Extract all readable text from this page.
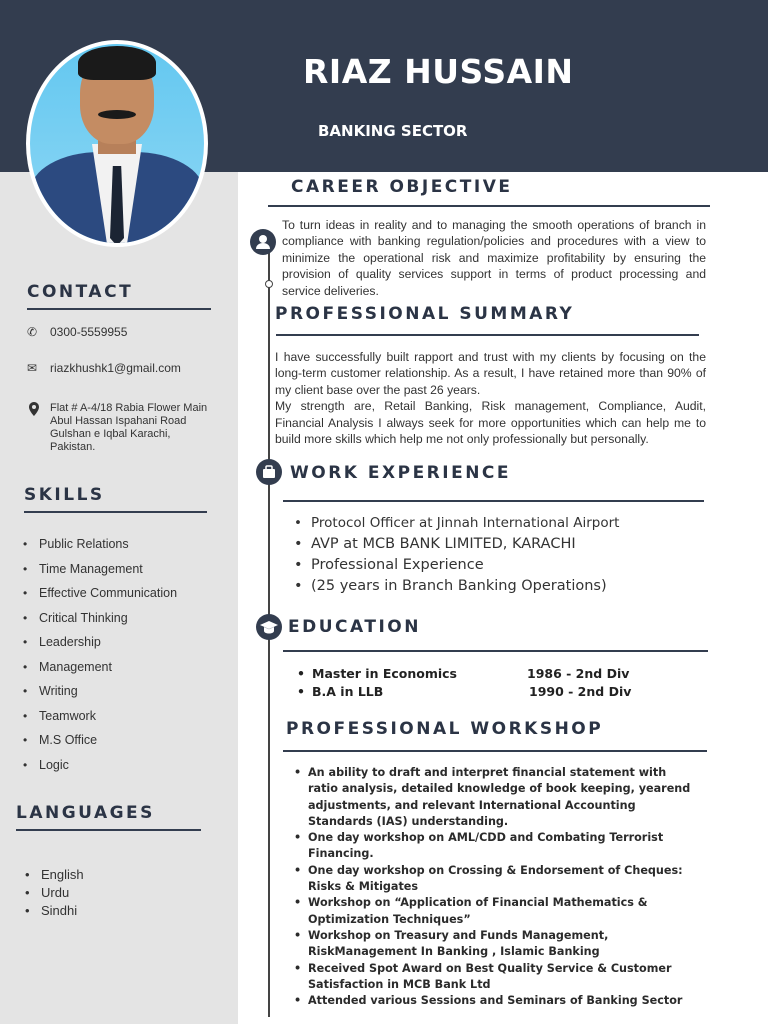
RIAZ HUSSAIN
BANKING SECTOR
CONTACT
✆ 0300-5559955
✉ riazkhushk1@gmail.com
Flat # A-4/18 Rabia Flower Main Abul Hassan Ispahani Road Gulshan e Iqbal Karachi, Pakistan.
SKILLS
• Public Relations
• Time Management
• Effective Communication
• Critical Thinking
• Leadership
• Management
• Writing
• Teamwork
• M.S Office
• Logic
LANGUAGES
• English
• Urdu
• Sindhi
CAREER OBJECTIVE
To turn ideas in reality and to managing the smooth operations of branch in compliance with banking regulation/policies and procedures with a view to minimize the operational risk and maximize profitability by ensuring the provision of quality services support in terms of product processing and service deliveries.
PROFESSIONAL SUMMARY
I have successfully built rapport and trust with my clients by focusing on the long-term customer relationship. As a result, I have retained more than 90% of my client base over the past 26 years.
My strength are, Retail Banking, Risk management, Compliance, Audit, Financial Analysis I always seek for more opportunities which can help me to build more skills which help me not only professionally but personally.
WORK EXPERIENCE
• Protocol Officer at Jinnah International Airport
• AVP at MCB BANK LIMITED, KARACHI
• Professional Experience
• (25 years in Branch Banking Operations)
EDUCATION
• Master in Economics	1986 - 2nd Div
• B.A in LLB	1990 - 2nd Div
PROFESSIONAL WORKSHOP
• An ability to draft and interpret financial statement with ratio analysis, detailed knowledge of book keeping, yearend adjustments, and relevant International Accounting Standards (IAS) understanding.
• One day workshop on AML/CDD and Combating Terrorist Financing.
• One day workshop on Crossing & Endorsement of Cheques: Risks & Mitigates
• Workshop on “Application of Financial Mathematics & Optimization Techniques”
• Workshop on Treasury and Funds Management, RiskManagement In Banking , Islamic Banking
• Received Spot Award on Best Quality Service & Customer Satisfaction in MCB Bank Ltd
• Attended various Sessions and Seminars of Banking Sector
